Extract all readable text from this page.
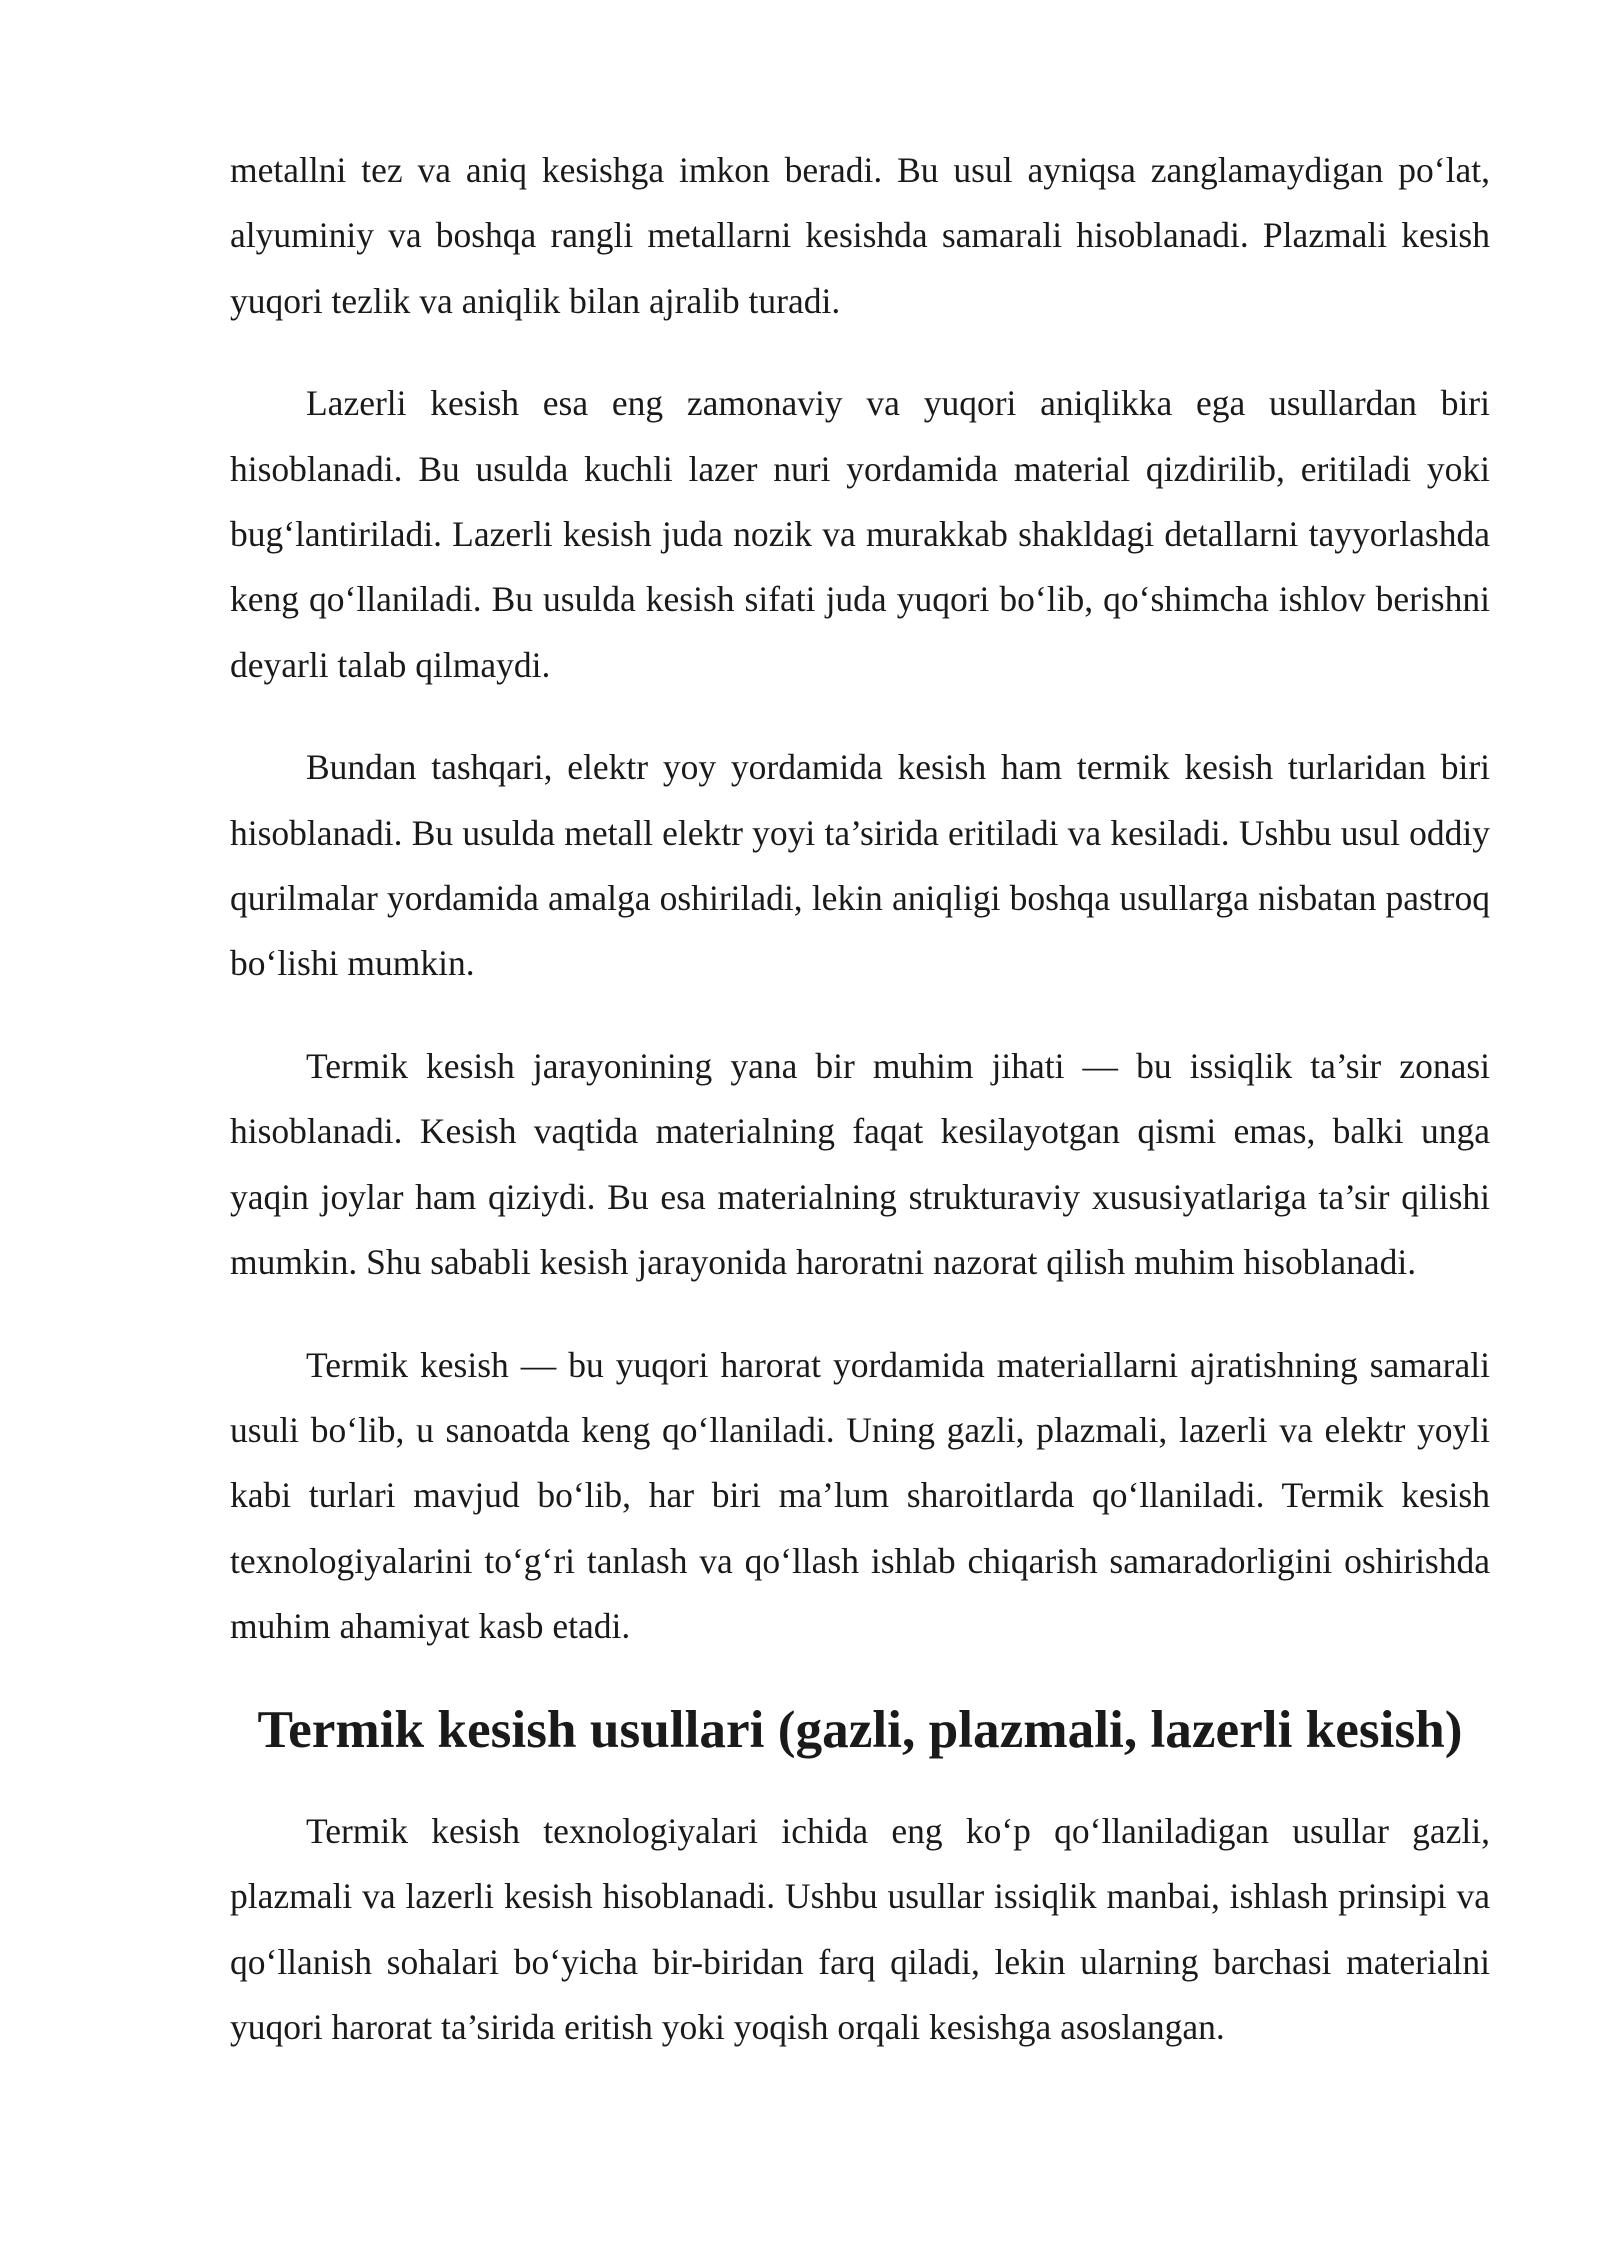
metallni tez va aniq kesishga imkon beradi. Bu usul ayniqsa zanglamaydigan po‘lat, alyuminiy va boshqa rangli metallarni kesishda samarali hisoblanadi. Plazmali kesish yuqori tezlik va aniqlik bilan ajralib turadi.

Lazerli kesish esa eng zamonaviy va yuqori aniqlikka ega usullardan biri hisoblanadi. Bu usulda kuchli lazer nuri yordamida material qizdirilib, eritiladi yoki bug‘lantiriladi. Lazerli kesish juda nozik va murakkab shakldagi detallarni tayyorlashda keng qo‘llaniladi. Bu usulda kesish sifati juda yuqori bo‘lib, qo‘shimcha ishlov berishni deyarli talab qilmaydi.

Bundan tashqari, elektr yoy yordamida kesish ham termik kesish turlaridan biri hisoblanadi. Bu usulda metall elektr yoyi ta’sirida eritiladi va kesiladi. Ushbu usul oddiy qurilmalar yordamida amalga oshiriladi, lekin aniqligi boshqa usullarga nisbatan pastroq bo‘lishi mumkin.

Termik kesish jarayonining yana bir muhim jihati — bu issiqlik ta’sir zonasi hisoblanadi. Kesish vaqtida materialning faqat kesilayotgan qismi emas, balki unga yaqin joylar ham qiziydi. Bu esa materialning strukturaviy xususiyatlariga ta’sir qilishi mumkin. Shu sababli kesish jarayonida haroratni nazorat qilish muhim hisoblanadi.

Termik kesish — bu yuqori harorat yordamida materiallarni ajratishning samarali usuli bo‘lib, u sanoatda keng qo‘llaniladi. Uning gazli, plazmali, lazerli va elektr yoyli kabi turlari mavjud bo‘lib, har biri ma’lum sharoitlarda qo‘llaniladi. Termik kesish texnologiyalarini to‘g‘ri tanlash va qo‘llash ishlab chiqarish samaradorligini oshirishda muhim ahamiyat kasb etadi.

Termik kesish usullari (gazli, plazmali, lazerli kesish)

Termik kesish texnologiyalari ichida eng ko‘p qo‘llaniladigan usullar gazli, plazmali va lazerli kesish hisoblanadi. Ushbu usullar issiqlik manbai, ishlash prinsipi va qo‘llanish sohalari bo‘yicha bir-biridan farq qiladi, lekin ularning barchasi materialni yuqori harorat ta’sirida eritish yoki yoqish orqali kesishga asoslangan.
